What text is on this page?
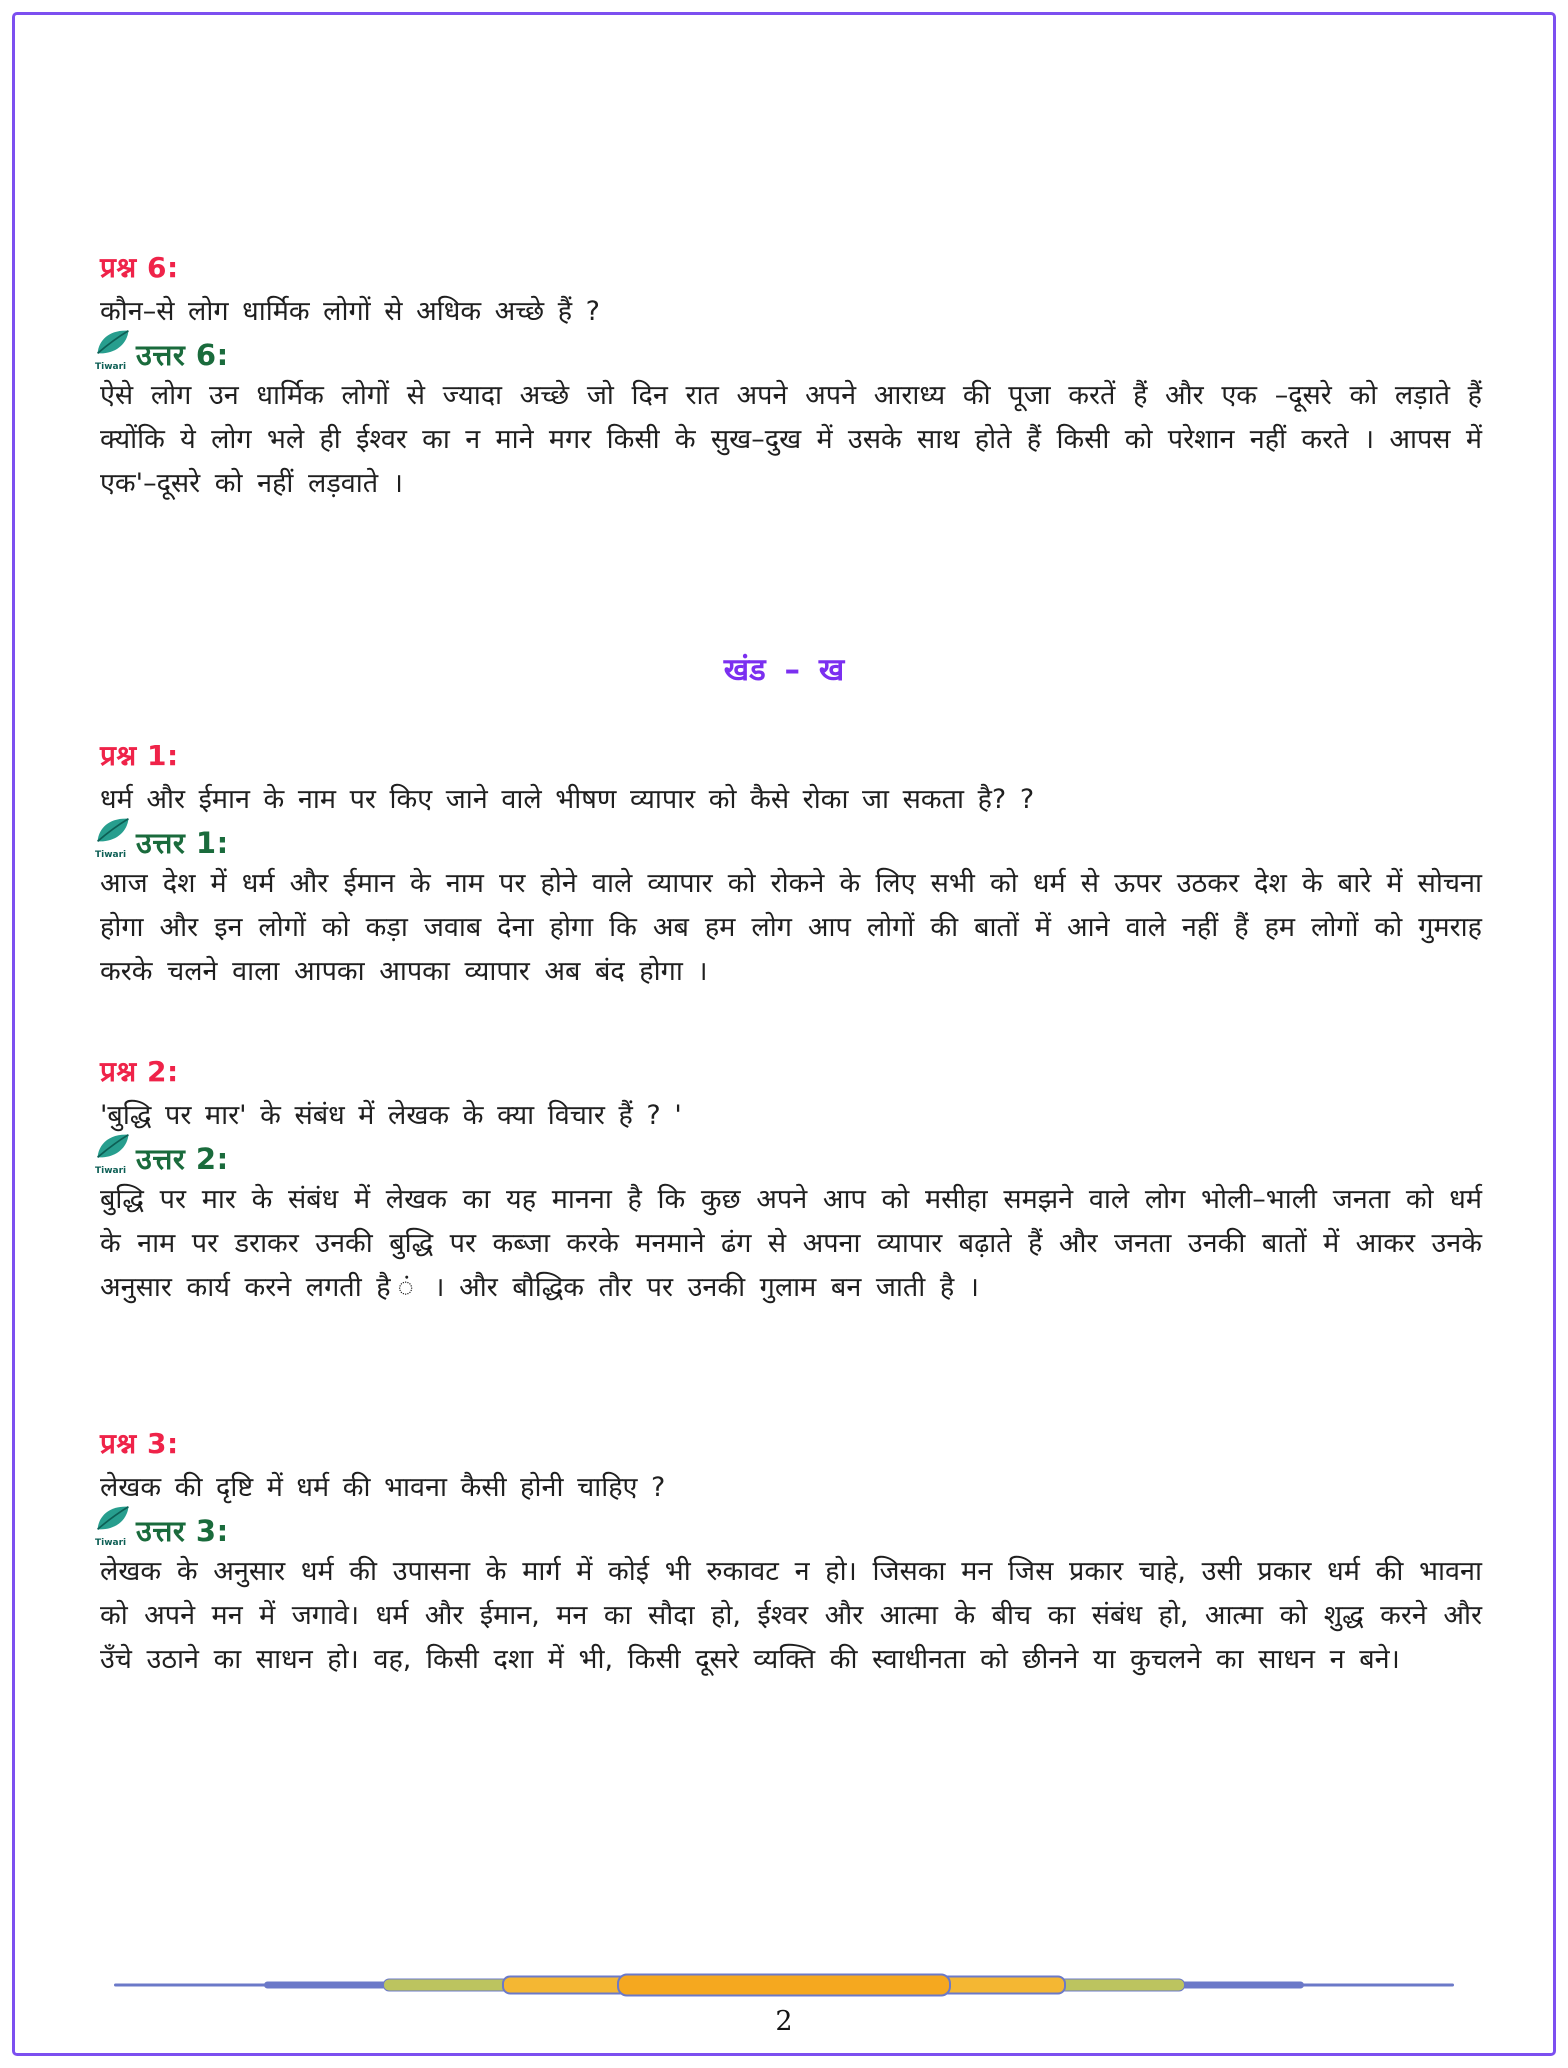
प्रश्न 6:
कौन–से लोग धार्मिक लोगों से अधिक अच्छे हैं ?
Tiwari उत्तर 6:
ऐसे लोग उन धार्मिक लोगों से ज्यादा अच्छे जो दिन रात अपने अपने आराध्य की पूजा करतें हैं और एक –दूसरे को लड़ाते हैं क्योंकि ये लोग भले ही ईश्वर का न माने मगर किसी के सुख–दुख में उसके साथ होते हैं किसी को परेशान नहीं करते । आपस में एक'–दूसरे को नहीं लड़वाते ।
खंड – ख
प्रश्न 1:
धर्म और ईमान के नाम पर किए जाने वाले भीषण व्यापार को कैसे रोका जा सकता है? ?
Tiwari उत्तर 1:
आज देश में धर्म और ईमान के नाम पर होने वाले व्यापार को रोकने के लिए सभी को धर्म से ऊपर उठकर देश के बारे में सोचना होगा और इन लोगों को कड़ा जवाब देना होगा कि अब हम लोग आप लोगों की बातों में आने वाले नहीं हैं हम लोगों को गुमराह करके चलने वाला आपका आपका व्यापार अब बंद होगा ।
प्रश्न 2:
'बुद्धि पर मार' के संबंध में लेखक के क्या विचार हैं ? '
Tiwari उत्तर 2:
बुद्धि पर मार के संबंध में लेखक का यह मानना है कि कुछ अपने आप को मसीहा समझने वाले लोग भोली–भाली जनता को धर्म के नाम पर डराकर उनकी बुद्धि पर कब्जा करके मनमाने ढंग से अपना व्यापार बढ़ाते हैं और जनता उनकी बातों में आकर उनके अनुसार कार्य करने लगती है ं । और बौद्धिक तौर पर उनकी गुलाम बन जाती है ।
प्रश्न 3:
लेखक की दृष्टि में धर्म की भावना कैसी होनी चाहिए ?
Tiwari उत्तर 3:
लेखक के अनुसार धर्म की उपासना के मार्ग में कोई भी रुकावट न हो। जिसका मन जिस प्रकार चाहे, उसी प्रकार धर्म की भावना को अपने मन में जगावे। धर्म और ईमान, मन का सौदा हो, ईश्वर और आत्मा के बीच का संबंध हो, आत्मा को शुद्ध करने और उँचे उठाने का साधन हो। वह, किसी दशा में भी, किसी दूसरे व्यक्ति की स्वाधीनता को छीनने या कुचलने का साधन न बने।
2
